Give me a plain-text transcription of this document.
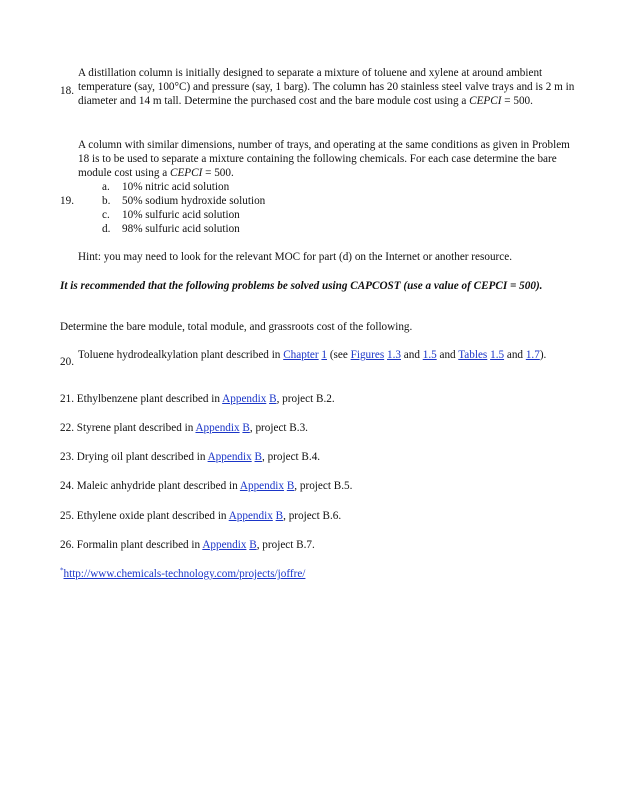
18.

A distillation column is initially designed to separate a mixture of toluene and xylene at around ambient temperature (say, 100°C) and pressure (say, 1 barg). The column has 20 stainless steel valve trays and is 2 m in diameter and 14 m tall. Determine the purchased cost and the bare module cost using a CEPCI = 500.

19.

A column with similar dimensions, number of trays, and operating at the same conditions as given in Problem 18 is to be used to separate a mixture containing the following chemicals. For each case determine the bare module cost using a CEPCI = 500.

a.	10% nitric acid solution
b.	50% sodium hydroxide solution
c.	10% sulfuric acid solution
d.	98% sulfuric acid solution
Hint: you may need to look for the relevant MOC for part (d) on the Internet or another resource.
It is recommended that the following problems be solved using CAPCOST (use a value of CEPCI = 500).
Determine the bare module, total module, and grassroots cost of the following.
20.
Toluene hydrodealkylation plant described in Chapter 1 (see Figures 1.3 and 1.5 and Tables 1.5 and 1.7).
21. Ethylbenzene plant described in Appendix B, project B.2.
22. Styrene plant described in Appendix B, project B.3.
23. Drying oil plant described in Appendix B, project B.4.
24. Maleic anhydride plant described in Appendix B, project B.5.
25. Ethylene oxide plant described in Appendix B, project B.6.
26. Formalin plant described in Appendix B, project B.7.
*http://www.chemicals-technology.com/projects/joffre/
